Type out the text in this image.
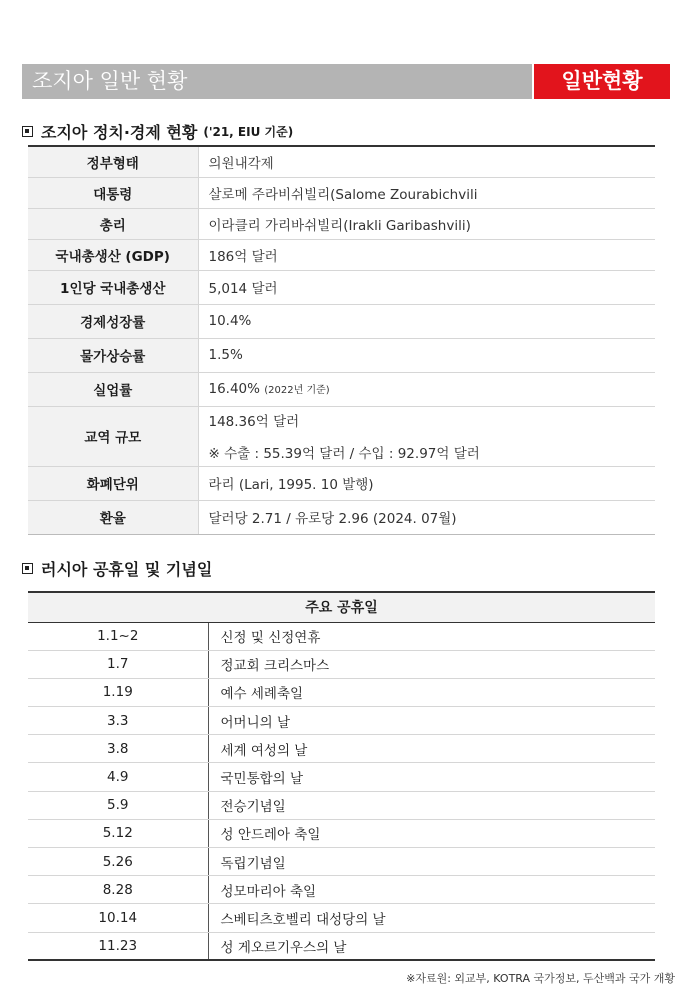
조지아 일반 현황	일반현황
조지아 정치·경제 현황 ('21, EIU 기준)
정부형태	의원내각제
대통령	살로메 주라비쉬빌리(Salome Zourabichvili
총리	이라클리 가리바쉬빌리(Irakli Garibashvili)
국내총생산 (GDP)	186억 달러
1인당 국내총생산	5,014 달러
경제성장률	10.4%
물가상승률	1.5%
실업률	16.40% (2022년 기준)
교역 규모	148.36억 달러
※ 수출 : 55.39억 달러 / 수입 : 92.97억 달러

화폐단위	라리 (Lari, 1995. 10 발행)
환율	달러당 2.71 / 유로당 2.96 (2024. 07월)
러시아 공휴일 및 기념일
주요 공휴일	
1.1~2	신정 및 신정연휴
1.7	정교회 크리스마스
1.19	예수 세례축일
3.3	어머니의 날
3.8	세계 여성의 날
4.9	국민통합의 날
5.9	전승기념일
5.12	성 안드레아 축일
5.26	독립기념일
8.28	성모마리아 축일
10.14	스베티츠호벨리 대성당의 날
11.23	성 게오르기우스의 날
※자료원: 외교부, KOTRA 국가정보, 두산백과 국가 개황
